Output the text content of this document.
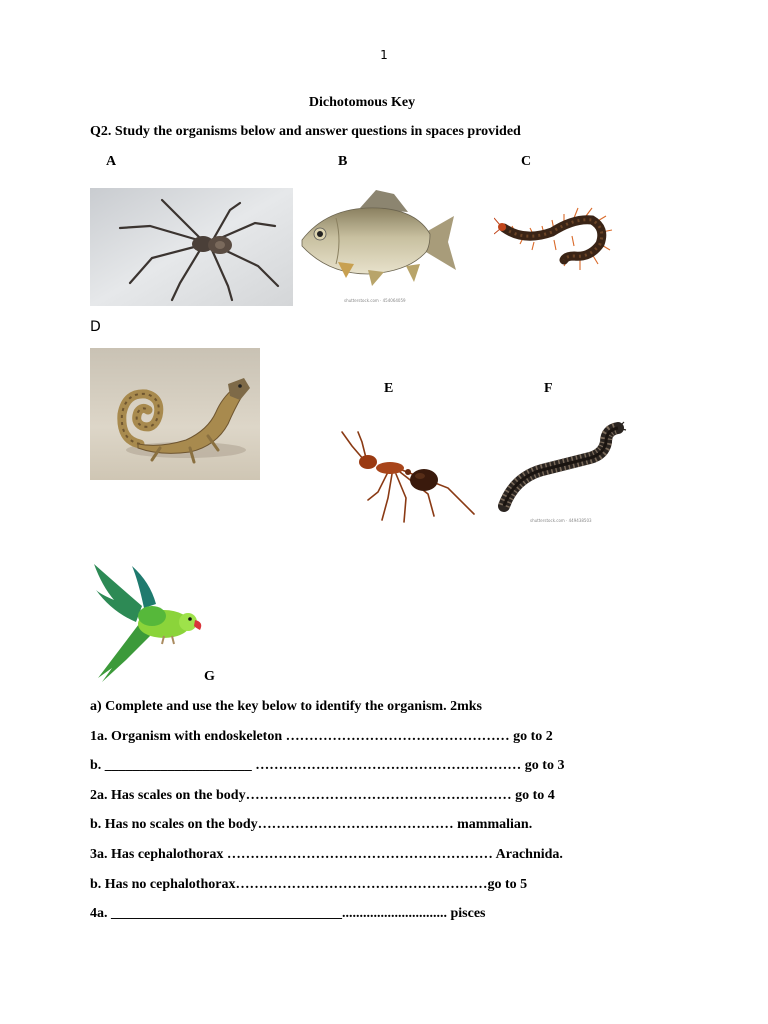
1
Dichotomous Key
Q2. Study the organisms below and answer questions in spaces provided
A	B	C
shutterstock.com · 454064059
D
E	F
shutterstock.com · 449438503
G
a) Complete and use the key below to identify the organism. 2mks
1a. Organism with endoskeleton ………………………………………… go to 2
b. _____________________ ………………………………………………… go to 3
2a. Has scales on the body………………………………………………… go to 4
b. Has no scales on the body…………………………………… mammalian.
3a. Has cephalothorax ………………………………………………… Arachnida.
b. Has no cephalothorax………………………………………………go to 5
4a. _________________________________.............................. pisces
